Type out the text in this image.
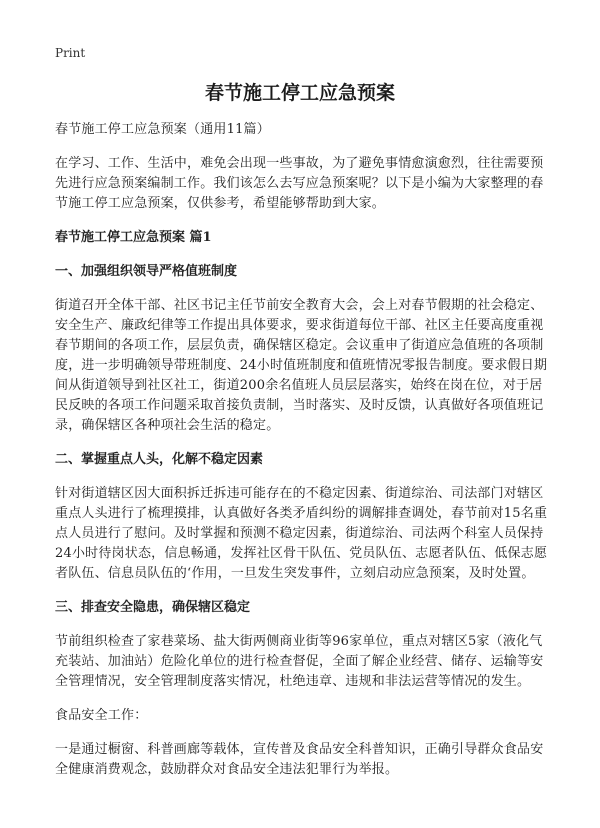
Print
春节施工停工应急预案

春节施工停工应急预案（通用11篇）

在学习、工作、生活中，难免会出现一些事故，为了避免事情愈演愈烈，往往需要预先进行应急预案编制工作。我们该怎么去写应急预案呢？以下是小编为大家整理的春节施工停工应急预案，仅供参考，希望能够帮助到大家。

春节施工停工应急预案 篇1

一、加强组织领导严格值班制度

街道召开全体干部、社区书记主任节前安全教育大会，会上对春节假期的社会稳定、安全生产、廉政纪律等工作提出具体要求，要求街道每位干部、社区主任要高度重视春节期间的各项工作，层层负责，确保辖区稳定。会议重申了街道应急值班的各项制度，进一步明确领导带班制度、24小时值班制度和值班情况零报告制度。要求假日期间从街道领导到社区社工，街道200余名值班人员层层落实，始终在岗在位，对于居民反映的各项工作问题采取首接负责制，当时落实、及时反馈，认真做好各项值班记录，确保辖区各种项社会生活的稳定。

二、掌握重点人头，化解不稳定因素

针对街道辖区因大面积拆迁拆违可能存在的不稳定因素、街道综治、司法部门对辖区重点人头进行了梳理摸排，认真做好各类矛盾纠纷的调解排查调处，春节前对15名重点人员进行了慰问。及时掌握和预测不稳定因素，街道综治、司法两个科室人员保持24小时待岗状态，信息畅通，发挥社区骨干队伍、党员队伍、志愿者队伍、低保志愿者队伍、信息员队伍的‘作用，一旦发生突发事件，立刻启动应急预案，及时处置。

三、排查安全隐患，确保辖区稳定

节前组织检查了家巷菜场、盐大街两侧商业街等96家单位，重点对辖区5家（液化气充装站、加油站）危险化单位的进行检查督促，全面了解企业经营、储存、运输等安全管理情况，安全管理制度落实情况，杜绝违章、违规和非法运营等情况的发生。

食品安全工作：

一是通过橱窗、科普画廊等载体，宣传普及食品安全科普知识，正确引导群众食品安全健康消费观念，鼓励群众对食品安全违法犯罪行为举报。
